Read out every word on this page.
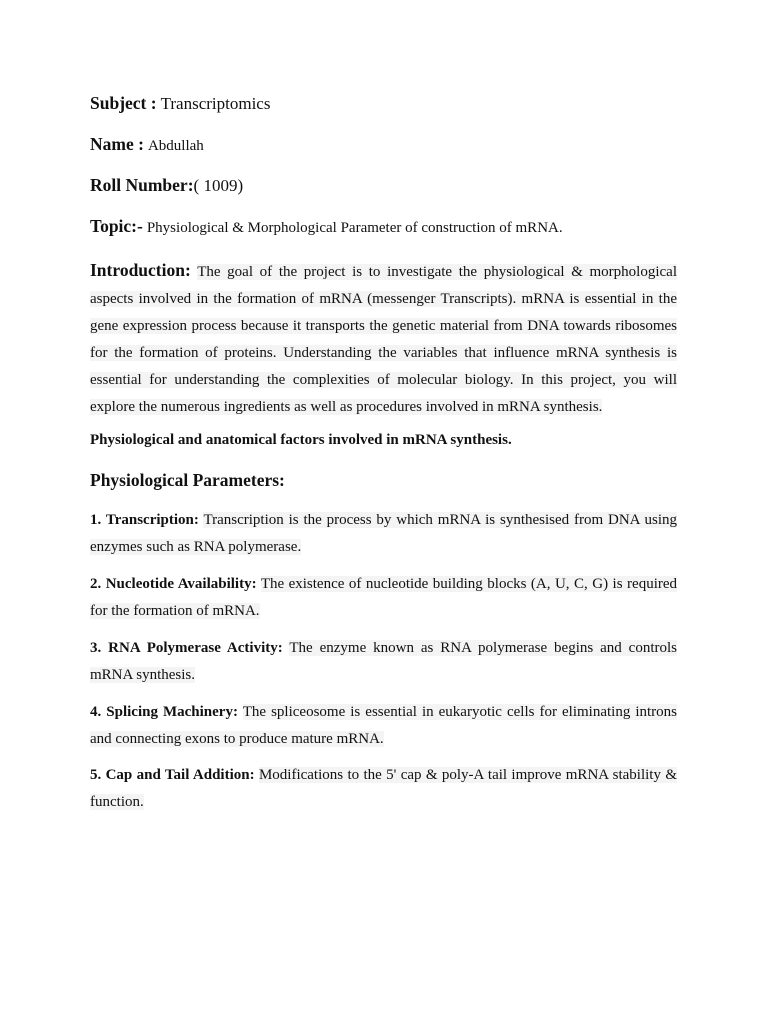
Subject : Transcriptomics
Name : Abdullah
Roll Number:( 1009)
Topic:- Physiological & Morphological Parameter of construction of mRNA.

Introduction: The goal of the project is to investigate the physiological & morphological aspects involved in the formation of mRNA (messenger Transcripts). mRNA is essential in the gene expression process because it transports the genetic material from DNA towards ribosomes for the formation of proteins. Understanding the variables that influence mRNA synthesis is essential for understanding the complexities of molecular biology. In this project, you will explore the numerous ingredients as well as procedures involved in mRNA synthesis.

Physiological and anatomical factors involved in mRNA synthesis.
Physiological Parameters:

1. Transcription: Transcription is the process by which mRNA is synthesised from DNA using enzymes such as RNA polymerase.

2. Nucleotide Availability: The existence of nucleotide building blocks (A, U, C, G) is required for the formation of mRNA.

3. RNA Polymerase Activity: The enzyme known as RNA polymerase begins and controls mRNA synthesis.

4. Splicing Machinery: The spliceosome is essential in eukaryotic cells for eliminating introns and connecting exons to produce mature mRNA.

5. Cap and Tail Addition: Modifications to the 5' cap & poly-A tail improve mRNA stability & function.
